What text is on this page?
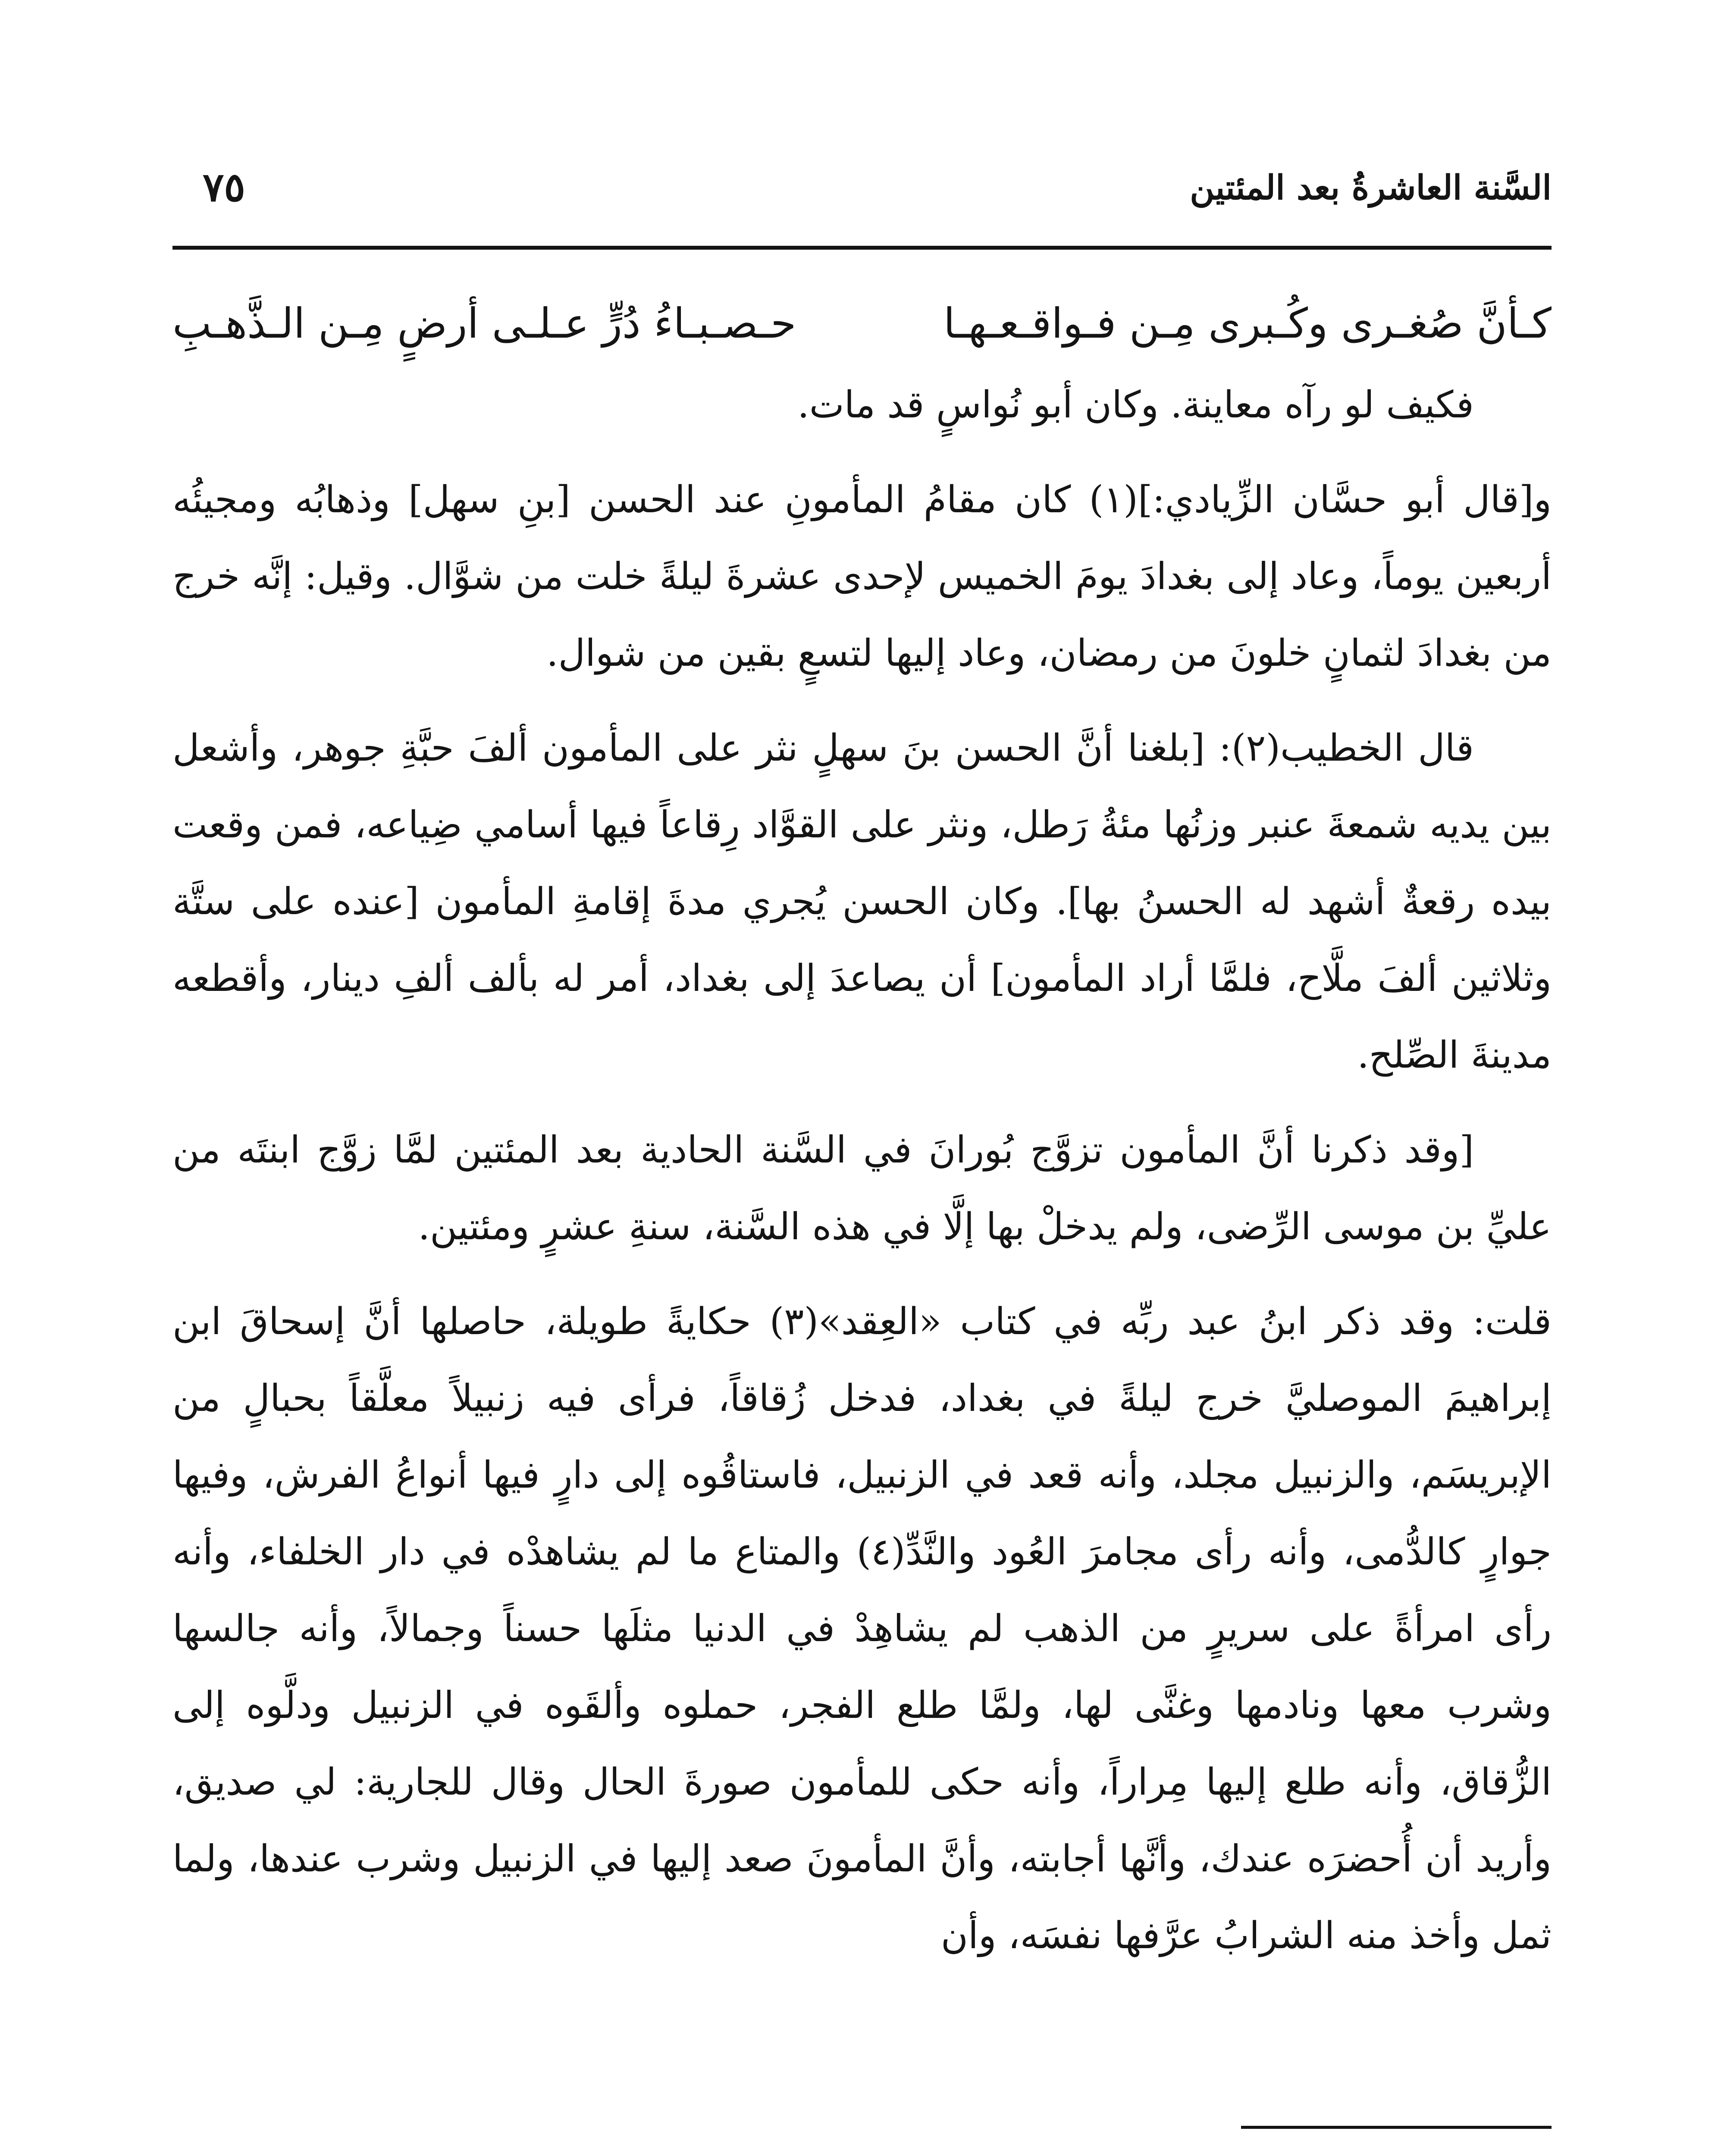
السَّنة العاشرةُ بعد المئتين
٧٥
كـأنَّ صُغـرى وكُـبرى مِـن فـواقـعـهـا
حـصـبـاءُ دُرٍّ عـلـى أرضٍ مِـن الـذَّهـبِ

فكيف لو رآه معاينة. وكان أبو نُواسٍ قد مات.

و[قال أبو حسَّان الزِّيادي:](١) كان مقامُ المأمونِ عند الحسن [بنِ سهل] وذهابُه ومجيئُه أربعين يوماً، وعاد إلى بغدادَ يومَ الخميس لإحدى عشرةَ ليلةً خلت من شوَّال. وقيل: إنَّه خرج من بغدادَ لثمانٍ خلونَ من رمضان، وعاد إليها لتسعٍ بقين من شوال.

قال الخطيب(٢): [بلغنا أنَّ الحسن بنَ سهلٍ نثر على المأمون ألفَ حبَّةِ جوهر، وأشعل بين يديه شمعةَ عنبر وزنُها مئةُ رَطل، ونثر على القوَّاد رِقاعاً فيها أسامي ضِياعه، فمن وقعت بيده رقعةٌ أشهد له الحسنُ بها]. وكان الحسن يُجري مدةَ إقامةِ المأمون [عنده على ستَّة وثلاثين ألفَ ملَّاح، فلمَّا أراد المأمون] أن يصاعدَ إلى بغداد، أمر له بألف ألفِ دينار، وأقطعه مدينةَ الصِّلح.

[وقد ذكرنا أنَّ المأمون تزوَّج بُورانَ في السَّنة الحادية بعد المئتين لمَّا زوَّج ابنتَه من عليِّ بن موسى الرِّضى، ولم يدخلْ بها إلَّا في هذه السَّنة، سنةِ عشرٍ ومئتين.

قلت: وقد ذكر ابنُ عبد ربِّه في كتاب «العِقد»(٣) حكايةً طويلة، حاصلها أنَّ إسحاقَ ابن إبراهيمَ الموصليَّ خرج ليلةً في بغداد، فدخل زُقاقاً، فرأى فيه زنبيلاً معلَّقاً بحبالٍ من الإبريسَم، والزنبيل مجلد، وأنه قعد في الزنبيل، فاستاقُوه إلى دارٍ فيها أنواعُ الفرش، وفيها جوارٍ كالدُّمى، وأنه رأى مجامرَ العُود والنَّدِّ(٤) والمتاع ما لم يشاهدْه في دار الخلفاء، وأنه رأى امرأةً على سريرٍ من الذهب لم يشاهِدْ في الدنيا مثلَها حسناً وجمالاً، وأنه جالسها وشرب معها ونادمها وغنَّى لها، ولمَّا طلع الفجر، حملوه وألقَوه في الزنبيل ودلَّوه إلى الزُّقاق، وأنه طلع إليها مِراراً، وأنه حكى للمأمون صورةَ الحال وقال للجارية: لي صديق، وأريد أن أُحضرَه عندك، وأنَّها أجابته، وأنَّ المأمونَ صعد إليها في الزنبيل وشرب عندها، ولما ثمل وأخذ منه الشرابُ عرَّفها نفسَه، وأن
